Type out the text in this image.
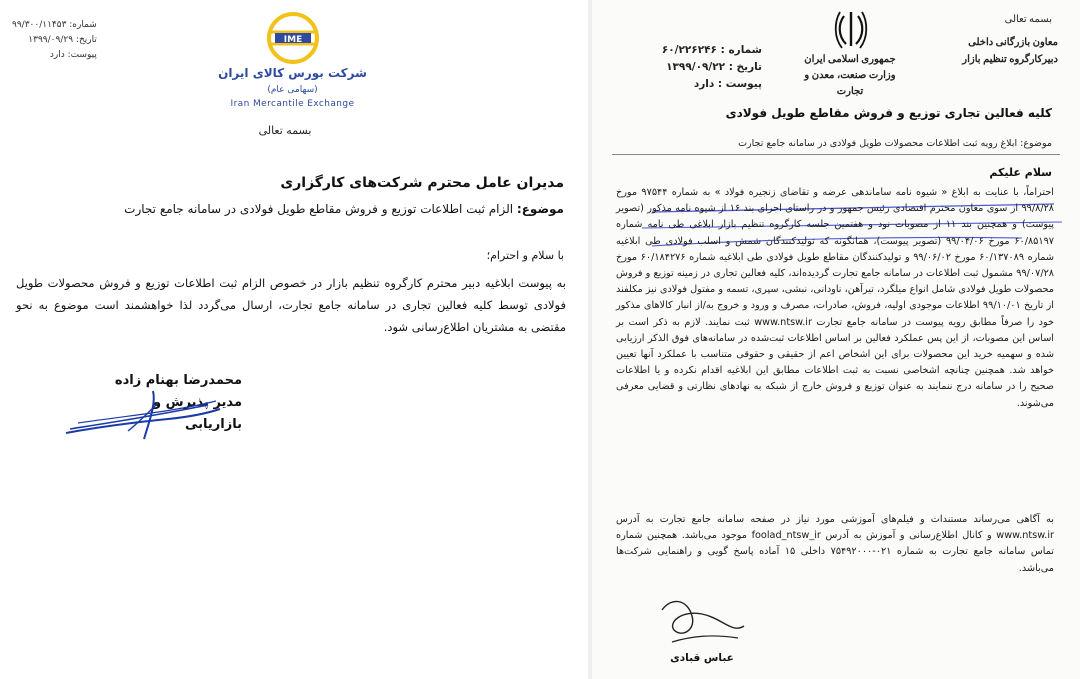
شماره: ۹۹/۳۰۰/۱۱۴۵۳
تاریخ: ۱۳۹۹/۰۹/۲۹
پیوست: دارد
IME
شرکت بورس کالای ایران (سهامی عام)
Iran Mercantile Exchange
بسمه تعالی
مدیران عامل محترم شرکت‌های کارگزاری
موضوع: الزام ثبت اطلاعات توزیع و فروش مقاطع طویل فولادی در سامانه جامع تجارت
با سلام و احترام؛
به پیوست ابلاغیه دبیر محترم کارگروه تنظیم بازار در خصوص الزام ثبت اطلاعات توزیع و فروش محصولات طویل فولادی توسط کلیه فعالین تجاری در سامانه جامع تجارت، ارسال می‌گردد لذا خواهشمند است موضوع به نحو مقتضی به مشتریان اطلاع‌رسانی شود.
محمدرضا بهنام زاده
مدیر پذیرش و بازاریابی
بسمه تعالی
معاون بازرگانی داخلی
دبیرکارگروه تنظیم بازار
جمهوری اسلامی ایران
وزارت صنعت، معدن و تجارت
شماره : ۶۰/۲۲۶۲۴۶
تاریخ : ۱۳۹۹/۰۹/۲۲
پیوست : دارد
کلیه فعالین تجاری توزیع و فروش مقاطع طویل فولادی
موضوع: ابلاغ رویه ثبت اطلاعات محصولات طویل فولادی در سامانه جامع تجارت
سلام علیکم
احتراماً، با عنایت به ابلاغ « شیوه نامه ساماندهی عرضه و تقاضای زنجیره فولاد » به شماره ۹۷۵۴۴ مورخ ۹۹/۸/۲۸ از سوی معاون محترم اقتصادی رئیس جمهور و در راستای اجرای بند ۱۶ از شیوه نامه مذکور (تصویر پیوست) و همچنین بند ۱۱ از مصوبات نود و هفتمین جلسه کارگروه تنظیم بازار ابلاغی طی نامه شماره ۶۰/۸۵۱۹۷ مورخ ۹۹/۰۴/۰۶ (تصویر پیوست)، همانگونه که تولیدکنندگان شمش و اسلب فولادی طی ابلاغیه شماره ۶۰/۱۳۷۰۸۹ مورخ ۹۹/۰۶/۰۲ و تولیدکنندگان مقاطع طویل فولادی طی ابلاغیه شماره ۶۰/۱۸۴۲۷۶ مورخ ۹۹/۰۷/۲۸ مشمول ثبت اطلاعات در سامانه جامع تجارت گردیده‌اند، کلیه فعالین تجاری در زمینه توزیع و فروش محصولات طویل فولادی شامل انواع میلگرد، تیرآهن، ناودانی، نبشی، سپری، تسمه و مفتول فولادی نیز مکلفند از تاریخ ۹۹/۱۰/۰۱ اطلاعات موجودی اولیه، فروش، صادرات، مصرف و ورود و خروج به/از انبار کالاهای مذکور خود را صرفاً مطابق رویه پیوست در سامانه جامع تجارت www.ntsw.ir ثبت نمایند. لازم به ذکر است بر اساس این مصوبات، از این پس عملکرد فعالین بر اساس اطلاعات ثبت‌شده در سامانه‌های فوق الذکر ارزیابی شده و سهمیه خرید این محصولات برای این اشخاص اعم از حقیقی و حقوقی متناسب با عملکرد آنها تعیین خواهد شد. همچنین چنانچه اشخاصی نسبت به ثبت اطلاعات مطابق این ابلاغیه اقدام نکرده و یا اطلاعات صحیح را در سامانه درج ننمایند به عنوان توزیع و فروش خارج از شبکه به نهادهای نظارتی و قضایی معرفی می‌شوند.
به آگاهی می‌رساند مستندات و فیلم‌های آموزشی مورد نیاز در صفحه سامانه جامع تجارت به آدرس www.ntsw.ir و کانال اطلاع‌رسانی و آموزش به آدرس foolad_ntsw_ir موجود می‌باشد. همچنین شماره تماس سامانه جامع تجارت به شماره ۰۲۱-۷۵۴۹۲۰۰۰ داخلی ۱۵ آماده پاسخ گویی و راهنمایی شرکت‌ها می‌باشد.
عباس قبادی
